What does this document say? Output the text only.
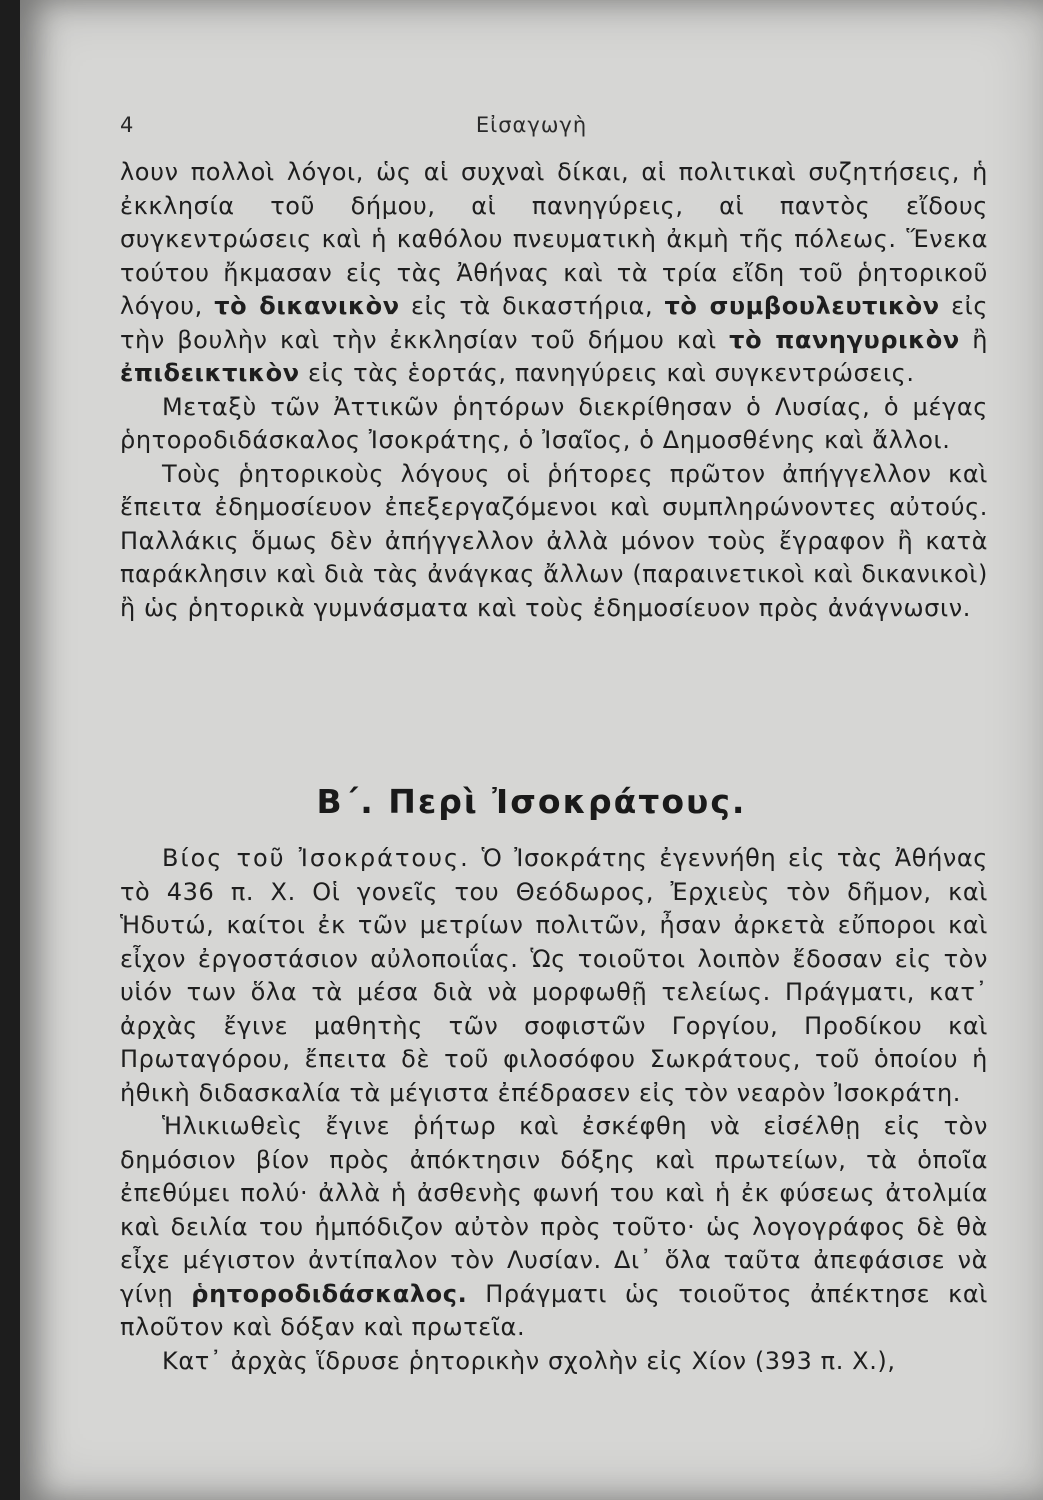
4	Εἰσαγωγὴ

λουν πολλοὶ λόγοι, ὡς αἱ συχναὶ δίκαι, αἱ πολιτικαὶ συζητήσεις, ἡ ἐκκλησία τοῦ δήμου, αἱ πανηγύρεις, αἱ παντὸς εἴδους συγκεντρώσεις καὶ ἡ καθόλου πνευματικὴ ἀκμὴ τῆς πόλεως. Ἕνεκα τούτου ἤκμασαν εἰς τὰς Ἀθήνας καὶ τὰ τρία εἴδη τοῦ ῥητορικοῦ λόγου, τὸ δικανικὸν εἰς τὰ δικαστήρια, τὸ συμβουλευτικὸν εἰς τὴν βουλὴν καὶ τὴν ἐκκλησίαν τοῦ δήμου καὶ τὸ πανηγυρικὸν ἢ ἐπιδεικτικὸν εἰς τὰς ἑορτάς, πανηγύρεις καὶ συγκεντρώσεις.

Μεταξὺ τῶν Ἀττικῶν ῥητόρων διεκρίθησαν ὁ Λυσίας, ὁ μέγας ῥητοροδιδάσκαλος Ἰσοκράτης, ὁ Ἰσαῖος, ὁ Δημοσθένης καὶ ἄλλοι.

Τοὺς ῥητορικοὺς λόγους οἱ ῥήτορες πρῶτον ἀπήγγελλον καὶ ἔπειτα ἐδημοσίευον ἐπεξεργαζόμενοι καὶ συμπληρώνοντες αὐτούς. Παλλάκις ὅμως δὲν ἀπήγγελλον ἀλλὰ μόνον τοὺς ἔγραφον ἢ κατὰ παράκλησιν καὶ διὰ τὰς ἀνάγκας ἄλλων (παραινετικοὶ καὶ δικανικοὶ) ἢ ὡς ῥητορικὰ γυμνάσματα καὶ τοὺς ἐδημοσίευον πρὸς ἀνάγνωσιν.

Β΄. Περὶ Ἰσοκράτους.

Βίος τοῦ Ἰσοκράτους. Ὁ Ἰσοκράτης ἐγεννήθη εἰς τὰς Ἀθήνας τὸ 436 π. Χ. Οἱ γονεῖς του Θεόδωρος, Ἐρχιεὺς τὸν δῆμον, καὶ Ἡδυτώ, καίτοι ἐκ τῶν μετρίων πολιτῶν, ἦσαν ἀρκετὰ εὔποροι καὶ εἶχον ἐργοστάσιον αὐλοποιΐας. Ὡς τοιοῦτοι λοιπὸν ἔδοσαν εἰς τὸν υἱόν των ὅλα τὰ μέσα διὰ νὰ μορφωθῇ τελείως. Πράγματι, κατ᾽ ἀρχὰς ἔγινε μαθητὴς τῶν σοφιστῶν Γοργίου, Προδίκου καὶ Πρωταγόρου, ἔπειτα δὲ τοῦ φιλοσόφου Σωκράτους, τοῦ ὁποίου ἡ ἠθικὴ διδασκαλία τὰ μέγιστα ἐπέδρασεν εἰς τὸν νεαρὸν Ἰσοκράτη.

Ἡλικιωθεὶς ἔγινε ῥήτωρ καὶ ἐσκέφθη νὰ εἰσέλθῃ εἰς τὸν δημόσιον βίον πρὸς ἀπόκτησιν δόξης καὶ πρωτείων, τὰ ὁποῖα ἐπεθύμει πολύ· ἀλλὰ ἡ ἀσθενὴς φωνή του καὶ ἡ ἐκ φύσεως ἀτολμία καὶ δειλία του ἠμπόδιζον αὐτὸν πρὸς τοῦτο· ὡς λογογράφος δὲ θὰ εἶχε μέγιστον ἀντίπαλον τὸν Λυσίαν. Δι᾽ ὅλα ταῦτα ἀπεφάσισε νὰ γίνῃ ῥητοροδιδάσκαλος. Πράγματι ὡς τοιοῦτος ἀπέκτησε καὶ πλοῦτον καὶ δόξαν καὶ πρωτεῖα.

Κατ᾽ ἀρχὰς ἵδρυσε ῥητορικὴν σχολὴν εἰς Χίον (393 π. Χ.),
